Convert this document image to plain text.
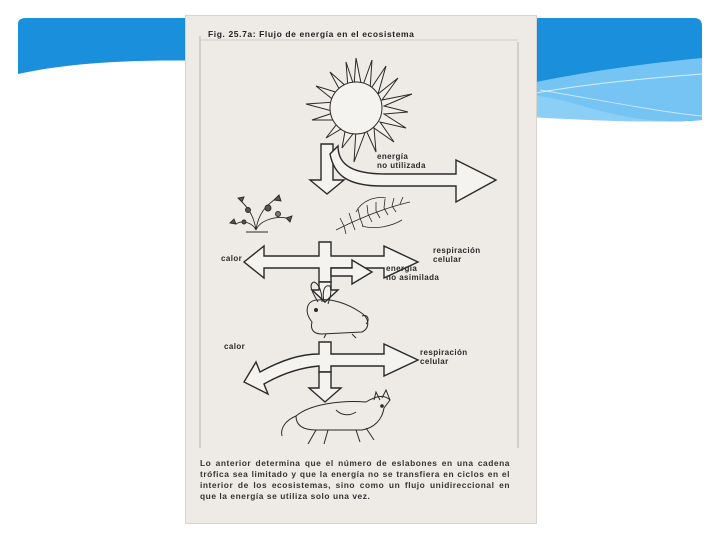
Fig. 25.7a: Flujo de energía en el ecosistema
energía
no utilizada
calor
respiración
celular
energía
no asimilada
calor
respiración
celular
Lo anterior determina que el número de eslabones en una cadena trófica sea limitado y que la energía no se transfiera en ciclos en el interior de los ecosistemas, sino como un flujo unidireccional en que la energía se utiliza solo una vez.
